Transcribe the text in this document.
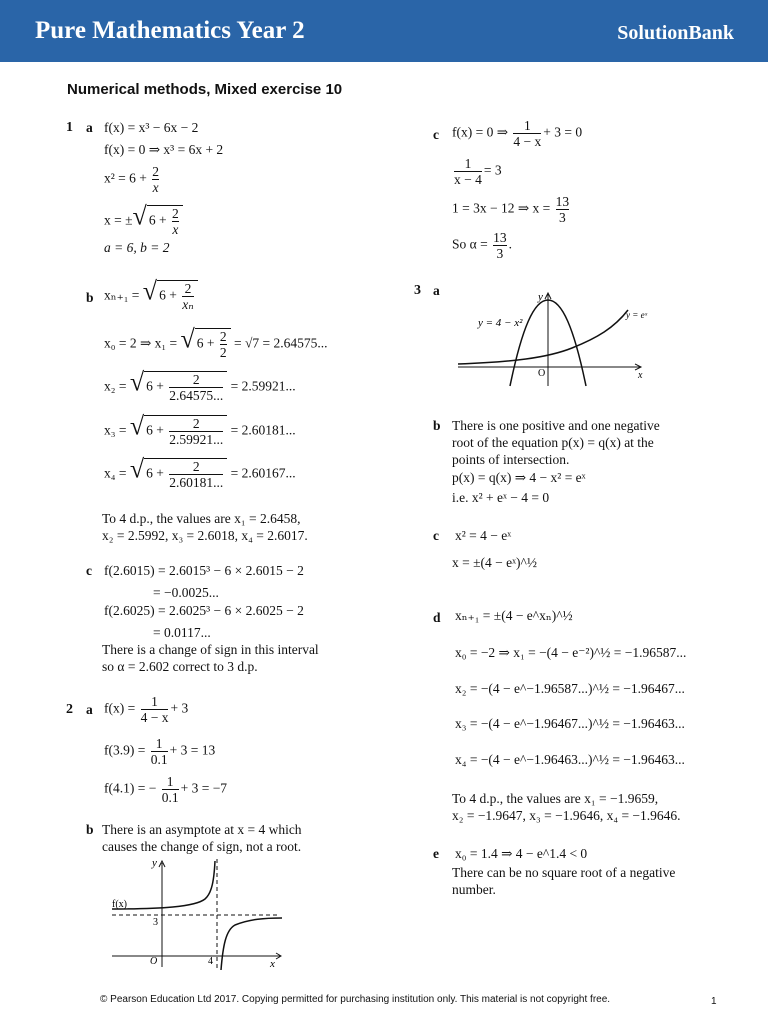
Pure Mathematics Year 2	SolutionBank
Numerical methods, Mixed exercise 10
1 a f(x) = x³ − 6x − 2
f(x) = 0 ⇒ x³ = 6x + 2
$x^2 = 6 + \frac{2}{x}$
x = ±√ $6 + \frac{2}{x}$
a = 6, b = 2
b xₙ₊₁ = √ $6 + \frac{2}{\text{xₙ}}$
x₀ = 2 ⇒ x₁ = √ $6 + \frac{2}{2} = √7 = 2.64575$...
x₂ = √ $6 + \frac{2}{2.64575...} = 2.59921$...
x₃ = √ $6 + \frac{2}{2.59921...} = 2.60181$...
x₄ = √ $6 + \frac{2}{2.60181...} = 2.60167$...
To 4 d.p., the values are x₁ = 2.6458,
x₂ = 2.5992, x₃ = 2.6018, x₄ = 2.6017.
c f(2.6015) = 2.6015³ − 6 × 2.6015 − 2
= −0.0025...
f(2.6025) = 2.6025³ − 6 × 2.6025 − 2
= 0.0117...
There is a change of sign in this interval
so α = 2.602 correct to 3 d.p.
2 a $f(x) = \frac{1}{4 - x} + 3$
$f(3.9) = \frac{1}{0.1} + 3 = 13$
f(4.1) = − $\frac{1}{0.1} + 3 = -7$
b There is an asymptote at x = 4 which
causes the change of sign, not a root.
y
x
f(x)
3
O	4
c f(x) = 0 ⇒ $\frac{1}{4 - x} + 3 = 0$
$\frac{1}{x - 4} = 3$
1 = 3x − 12 ⇒ $x = \frac{13}{3}$
So $\alpha = \frac{13}{3}$ .
3 a	y
x
y = 4 − x²
y = eˣ
O
b There is one positive and one negative
root of the equation p(x) = q(x) at the
points of intersection.
p(x) = q(x) ⇒ 4 − x² = eˣ
i.e. x² + eˣ − 4 = 0
c x² = 4 − eˣ
x = ±(4 − eˣ)^½
d xₙ₊₁ = ±(4 − e^xₙ)^½
x₀ = −2 ⇒ x₁ = −(4 − e⁻²)^½ = −1.96587...
x₂ = −(4 − e^−1.96587...)^½ = −1.96467...
x₃ = −(4 − e^−1.96467...)^½ = −1.96463...
x₄ = −(4 − e^−1.96463...)^½ = −1.96463...
To 4 d.p., the values are x₁ = −1.9659,
x₂ = −1.9647, x₃ = −1.9646, x₄ = −1.9646.
e x₀ = 1.4 ⇒ 4 − e^1.4 < 0
There can be no square root of a negative
number.
© Pearson Education Ltd 2017. Copying permitted for purchasing institution only. This material is not copyright free.	1
